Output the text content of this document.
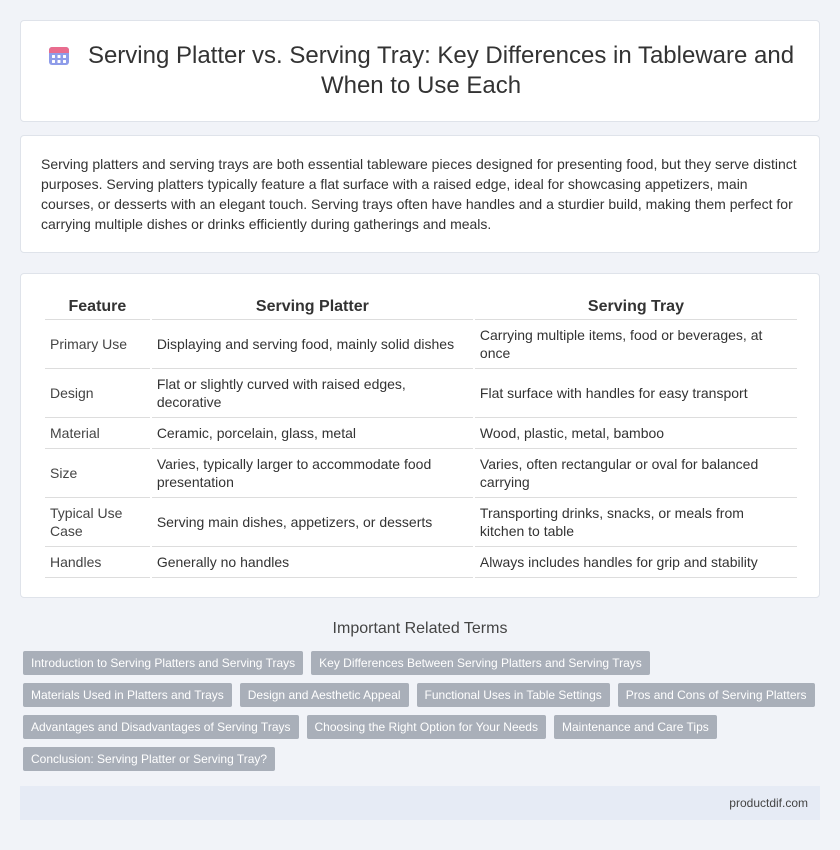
Serving Platter vs. Serving Tray: Key Differences in Tableware and When to Use Each

Serving platters and serving trays are both essential tableware pieces designed for presenting food, but they serve distinct purposes. Serving platters typically feature a flat surface with a raised edge, ideal for showcasing appetizers, main courses, or desserts with an elegant touch. Serving trays often have handles and a sturdier build, making them perfect for carrying multiple dishes or drinks efficiently during gatherings and meals.

Feature	Serving Platter	Serving Tray
Primary Use	Displaying and serving food, mainly solid dishes	Carrying multiple items, food or beverages, at once
Design	Flat or slightly curved with raised edges, decorative	Flat surface with handles for easy transport
Material	Ceramic, porcelain, glass, metal	Wood, plastic, metal, bamboo
Size	Varies, typically larger to accommodate food presentation	Varies, often rectangular or oval for balanced carrying
Typical Use Case	Serving main dishes, appetizers, or desserts	Transporting drinks, snacks, or meals from kitchen to table
Handles	Generally no handles	Always includes handles for grip and stability
Important Related Terms
Introduction to Serving Platters and Serving Trays	Key Differences Between Serving Platters and Serving Trays
Materials Used in Platters and Trays	Design and Aesthetic Appeal	Functional Uses in Table Settings	Pros and Cons of Serving Platters
Advantages and Disadvantages of Serving Trays	Choosing the Right Option for Your Needs	Maintenance and Care Tips
Conclusion: Serving Platter or Serving Tray?
productdif.com
